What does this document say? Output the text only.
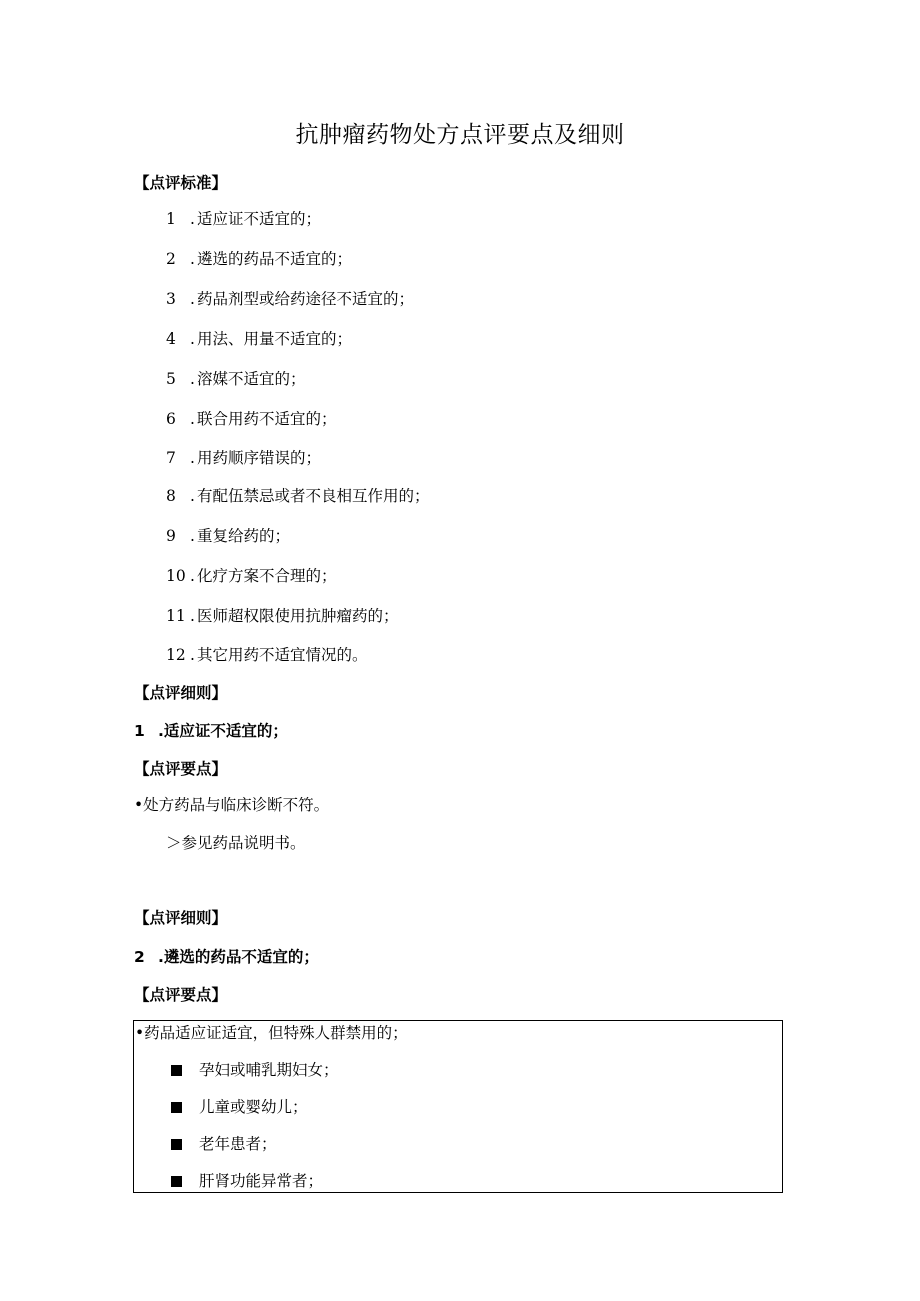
抗肿瘤药物处方点评要点及细则
【点评标准】
1 . 适应证不适宜的；
2 . 遴选的药品不适宜的；
3 . 药品剂型或给药途径不适宜的；
4 . 用法、用量不适宜的；
5 . 溶媒不适宜的；
6 . 联合用药不适宜的；
7 . 用药顺序错误的；
8 . 有配伍禁忌或者不良相互作用的；
9 . 重复给药的；
10 . 化疗方案不合理的；
11 . 医师超权限使用抗肿瘤药的；
12 . 其它用药不适宜情况的。
【点评细则】
1 .适应证不适宜的；
【点评要点】
•处方药品与临床诊断不符。
＞参见药品说明书。
【点评细则】
2 .遴选的药品不适宜的；
【点评要点】
•药品适应证适宜，但特殊人群禁用的；
孕妇或哺乳期妇女；
儿童或婴幼儿；
老年患者；
肝肾功能异常者；
